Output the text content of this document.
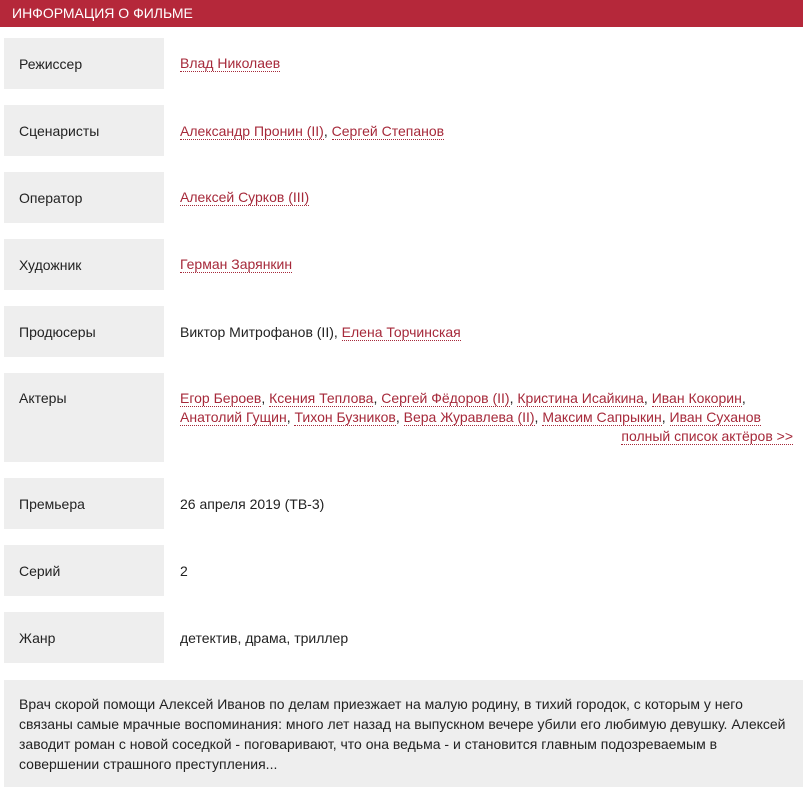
ИНФОРМАЦИЯ О ФИЛЬМЕ
Режиссер	Влад Николаев
Сценаристы	Александр Пронин (II), Сергей Степанов
Оператор	Алексей Сурков (III)
Художник	Герман Зарянкин
Продюсеры	Виктор Митрофанов (II), Елена Торчинская
Актеры	Егор Бероев, Ксения Теплова, Сергей Фёдоров (II), Кристина Исайкина, Иван Кокорин,
Анатолий Гущин, Тихон Бузников, Вера Журавлева (II), Максим Сапрыкин, Иван Суханов
полный список актёров >>
Премьера	26 апреля 2019 (ТВ-3)
Серий	2
Жанр	детектив, драма, триллер
Врач скорой помощи Алексей Иванов по делам приезжает на малую родину, в тихий городок, с которым у него связаны самые мрачные воспоминания: много лет назад на выпускном вечере убили его любимую девушку. Алексей заводит роман с новой соседкой - поговаривают, что она ведьма - и становится главным подозреваемым в совершении страшного преступления...
